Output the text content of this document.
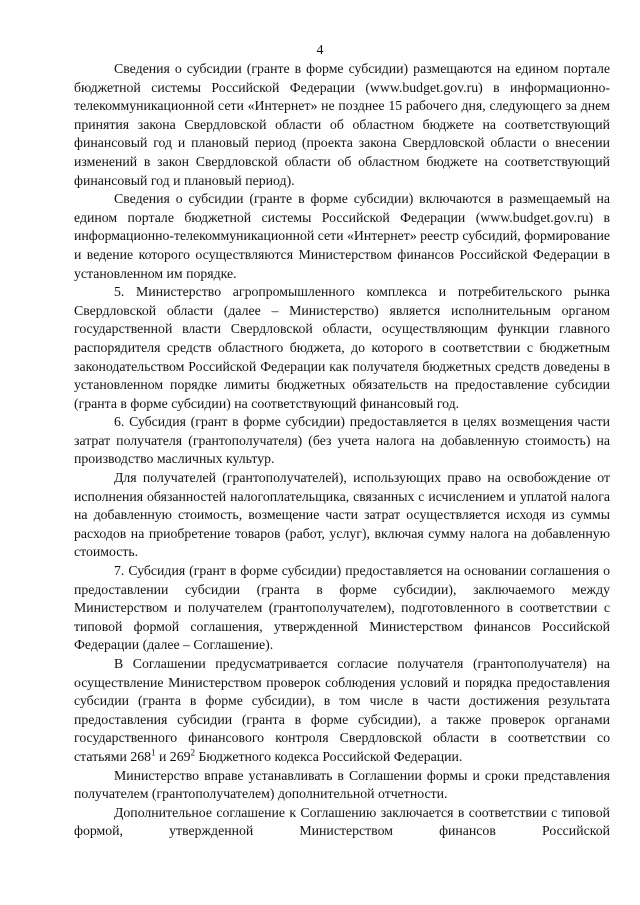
4

Сведения о субсидии (гранте в форме субсидии) размещаются на едином портале бюджетной системы Российской Федерации (www.budget.gov.ru) в информационно-телекоммуникационной сети «Интернет» не позднее 15 рабочего дня, следующего за днем принятия закона Свердловской области об областном бюджете на соответствующий финансовый год и плановый период (проекта закона Свердловской области о внесении изменений в закон Свердловской области об областном бюджете на соответствующий финансовый год и плановый период).

Сведения о субсидии (гранте в форме субсидии) включаются в размещаемый на едином портале бюджетной системы Российской Федерации (www.budget.gov.ru) в информационно-телекоммуникационной сети «Интернет» реестр субсидий, формирование и ведение которого осуществляются Министерством финансов Российской Федерации в установленном им порядке.

5. Министерство агропромышленного комплекса и потребительского рынка Свердловской области (далее – Министерство) является исполнительным органом государственной власти Свердловской области, осуществляющим функции главного распорядителя средств областного бюджета, до которого в соответствии с бюджетным законодательством Российской Федерации как получателя бюджетных средств доведены в установленном порядке лимиты бюджетных обязательств на предоставление субсидии (гранта в форме субсидии) на соответствующий финансовый год.

6. Субсидия (грант в форме субсидии) предоставляется в целях возмещения части затрат получателя (грантополучателя) (без учета налога на добавленную стоимость) на производство масличных культур.

Для получателей (грантополучателей), использующих право на освобождение от исполнения обязанностей налогоплательщика, связанных с исчислением и уплатой налога на добавленную стоимость, возмещение части затрат осуществляется исходя из суммы расходов на приобретение товаров (работ, услуг), включая сумму налога на добавленную стоимость.

7. Субсидия (грант в форме субсидии) предоставляется на основании соглашения о предоставлении субсидии (гранта в форме субсидии), заключаемого между Министерством и получателем (грантополучателем), подготовленного в соответствии с типовой формой соглашения, утвержденной Министерством финансов Российской Федерации (далее – Соглашение).

В Соглашении предусматривается согласие получателя (грантополучателя) на осуществление Министерством проверок соблюдения условий и порядка предоставления субсидии (гранта в форме субсидии), в том числе в части достижения результата предоставления субсидии (гранта в форме субсидии), а также проверок органами государственного финансового контроля Свердловской области в соответствии со статьями $268^1$ и $269^2$ Бюджетного кодекса Российской Федерации.

Министерство вправе устанавливать в Соглашении формы и сроки представления получателем (грантополучателем) дополнительной отчетности.

Дополнительное соглашение к Соглашению заключается в соответствии с типовой формой, утвержденной Министерством финансов Российской
